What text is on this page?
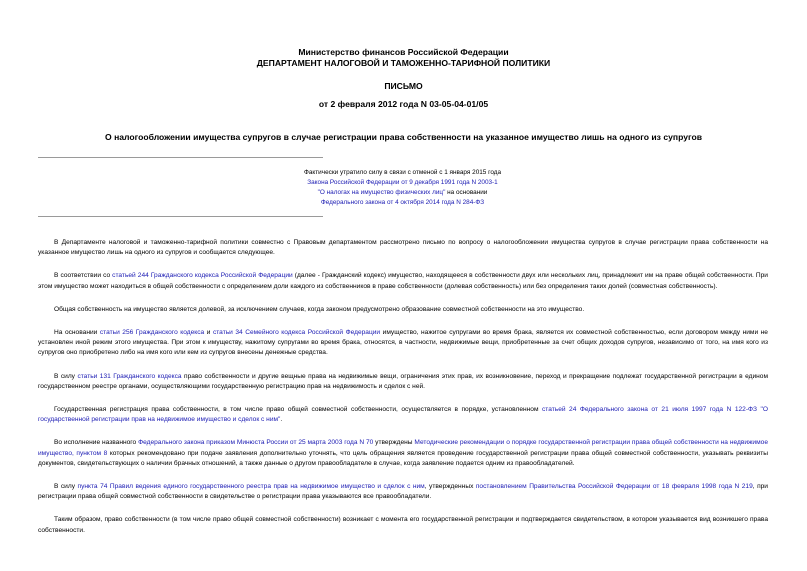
Министерство финансов Российской Федерации
ДЕПАРТАМЕНТ НАЛОГОВОЙ И ТАМОЖЕННО-ТАРИФНОЙ ПОЛИТИКИ
ПИСЬМО
от 2 февраля 2012 года N 03-05-04-01/05
О налогообложении имущества супругов в случае регистрации права собственности на указанное имущество лишь на одного из супругов
Фактически утратило силу в связи с отменой с 1 января 2015 года
Закона Российской Федерации от 9 декабря 1991 года N 2003-1
"О налогах на имущество физических лиц" на основании
Федерального закона от 4 октября 2014 года N 284-ФЗ

В Департаменте налоговой и таможенно-тарифной политики совместно с Правовым департаментом рассмотрено письмо по вопросу о налогообложении имущества супругов в случае регистрации права собственности на указанное имущество лишь на одного из супругов и сообщается следующее.

В соответствии со статьей 244 Гражданского кодекса Российской Федерации (далее - Гражданский кодекс) имущество, находящееся в собственности двух или нескольких лиц, принадлежит им на праве общей собственности. При этом имущество может находиться в общей собственности с определением доли каждого из собственников в праве собственности (долевая собственность) или без определения таких долей (совместная собственность).

Общая собственность на имущество является долевой, за исключением случаев, когда законом предусмотрено образование совместной собственности на это имущество.

На основании статьи 256 Гражданского кодекса и статьи 34 Семейного кодекса Российской Федерации имущество, нажитое супругами во время брака, является их совместной собственностью, если договором между ними не установлен иной режим этого имущества. При этом к имуществу, нажитому супругами во время брака, относятся, в частности, недвижимые вещи, приобретенные за счет общих доходов супругов, независимо от того, на имя кого из супругов оно приобретено либо на имя кого или кем из супругов внесены денежные средства.

В силу статьи 131 Гражданского кодекса право собственности и другие вещные права на недвижимые вещи, ограничения этих прав, их возникновение, переход и прекращение подлежат государственной регистрации в едином государственном реестре органами, осуществляющими государственную регистрацию прав на недвижимость и сделок с ней.

Государственная регистрация права собственности, в том числе право общей совместной собственности, осуществляется в порядке, установленном статьей 24 Федерального закона от 21 июля 1997 года N 122-ФЗ "О государственной регистрации прав на недвижимое имущество и сделок с ним".

Во исполнение названного Федерального закона приказом Минюста России от 25 марта 2003 года N 70 утверждены Методические рекомендации о порядке государственной регистрации права общей собственности на недвижимое имущество, пунктом 8 которых рекомендовано при подаче заявления дополнительно уточнять, что цель обращения является проведение государственной регистрации права общей совместной собственности, указывать реквизиты документов, свидетельствующих о наличии брачных отношений, а также данные о другом правообладателе в случае, когда заявление подается одним из правообладателей.

В силу пункта 74 Правил ведения единого государственного реестра прав на недвижимое имущество и сделок с ним, утвержденных постановлением Правительства Российской Федерации от 18 февраля 1998 года N 219, при регистрации права общей совместной собственности в свидетельстве о регистрации права указываются все правообладатели.

Таким образом, право собственности (в том числе право общей совместной собственности) возникает с момента его государственной регистрации и подтверждается свидетельством, в котором указывается вид возникшего права собственности.
